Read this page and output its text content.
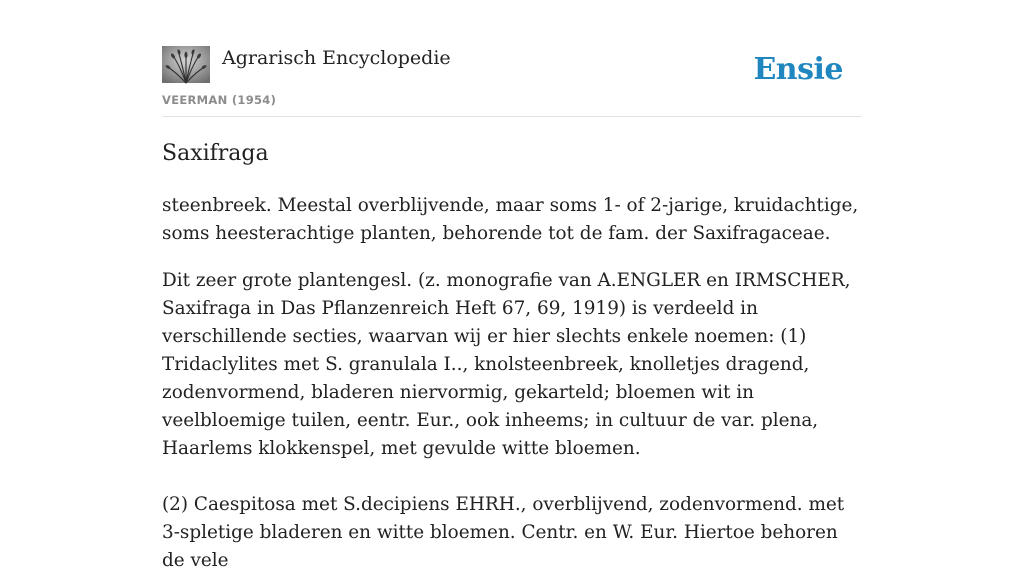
Agrarisch Encyclopedie
VEERMAN (1954)
Ensie
Saxifraga

steenbreek. Meestal overblijvende, maar soms 1- of 2-jarige, kruidachtige, soms heesterachtige planten, behorende tot de fam. der Saxifragaceae.

Dit zeer grote plantengesl. (z. monografie van A.ENGLER en IRMSCHER, Saxifraga in Das Pflanzenreich Heft 67, 69, 1919) is verdeeld in verschillende secties, waarvan wij er hier slechts enkele noemen: (1) Tridaclylites met S. granulala I.., knolsteenbreek, knolletjes dragend, zodenvormend, bladeren niervormig, gekarteld; bloemen wit in veelbloemige tuilen, eentr. Eur., ook inheems; in cultuur de var. plena, Haarlems klokkenspel, met gevulde witte bloemen.

(2) Caespitosa met S.decipiens EHRH., overblijvend, zodenvormend. met 3-spletige bladeren en witte bloemen. Centr. en W. Eur. Hiertoe behoren de vele
